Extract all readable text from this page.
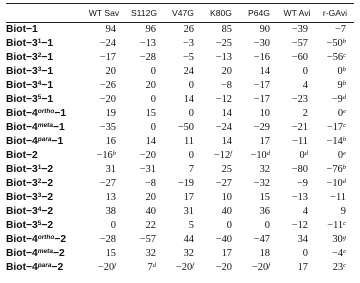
	WT Sav	S112G	V47G	K80G	P64G	WT Avi	r-GAvi

Biot−1	94	96	26	85	90	−39	−7
$Biot-3^1-1$	−24	−13	−3	−25	−30	−57	$-50^b$
$Biot-3^2-1$	−17	−28	−5	−13	−16	−60	$-56^c$
$Biot-3^3-1$	20	0	24	20	14	0	0$^b$
$Biot-3^4-1$	−26	20	0	−8	−17	4	9$^b$
$Biot-3^5-1$	−20	0	14	−12	−17	−23	$-9^d$
$Biot-4^{ortho}-1$	19	15	0	14	10	2	0e
$Biot-4^{meta}-1$	−35	0	−50	−24	−29	−21	$-17^c$
$Biot-4^{para}-1$	16	14	11	14	17	−11	$-14^b$
Biot−2	$-16^b$	−20	0	$-12^f$	$-10^d$	0$^d$	0e
$Biot-3^1-2$	31	−31	7	25	32	−80	$-76^b$
$Biot-3^2-2$	−27	−8	−19	−27	−32	−9	$-10^d$
$Biot-3^3-2$	13	20	17	10	15	−13	−11
$Biot-3^4-2$	38	40	31	40	36	4	9
$Biot-3^5-2$	0	22	5	0	0	−12	$-11^c$
$Biot-4^{ortho}-2$	−28	−57	44	−40	−47	34	30$^g$
$Biot-4^{meta}-2$	15	32	32	17	18	0	$-4^e$
$Biot-4^{para}-2$	$-20^f$	$7^d$	$-20^f$	−20	$-20^f$	17	23$^c$
